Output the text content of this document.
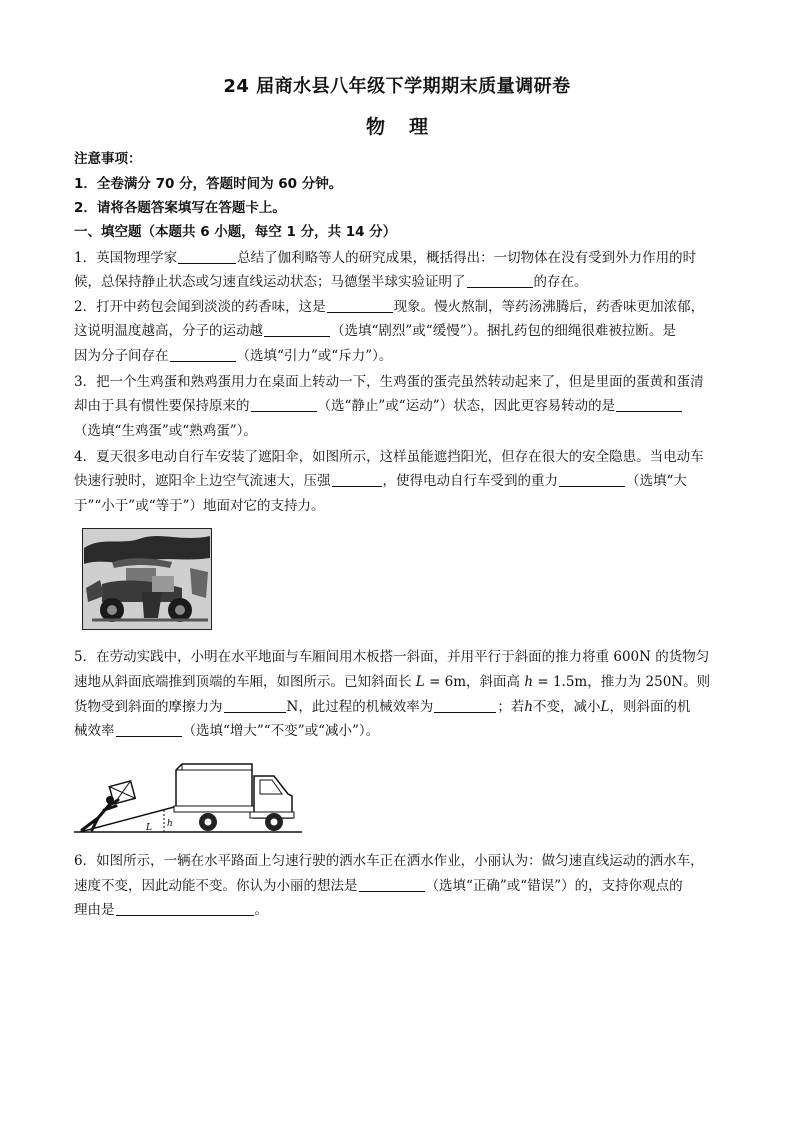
24 届商水县八年级下学期期末质量调研卷
物理
注意事项：
1．全卷满分 70 分，答题时间为 60 分钟。
2．请将各题答案填写在答题卡上。
一、填空题（本题共 6 小题，每空 1 分，共 14 分）
1．英国物理学家	总结了伽利略等人的研究成果，概括得出：一切物体在没有受到外力作用的时
候，总保持静止状态或匀速直线运动状态；马德堡半球实验证明了	的存在。
2．打开中药包会闻到淡淡的药香味，这是	现象。慢火熬制，等药汤沸腾后，药香味更加浓郁，
这说明温度越高，分子的运动越	（选填“剧烈”或“缓慢”）。捆扎药包的细绳很难被拉断。是
因为分子间存在	（选填“引力”或“斥力”）。
3．把一个生鸡蛋和熟鸡蛋用力在桌面上转动一下，生鸡蛋的蛋壳虽然转动起来了，但是里面的蛋黄和蛋清
却由于具有惯性要保持原来的	（选“静止”或“运动”）状态，因此更容易转动的是
（选填“生鸡蛋”或“熟鸡蛋”）。
4．夏天很多电动自行车安装了遮阳伞，如图所示，这样虽能遮挡阳光，但存在很大的安全隐患。当电动车
快速行驶时，遮阳伞上边空气流速大，压强	，使得电动自行车受到的重力	（选填“大
于”“小于”或“等于”）地面对它的支持力。
5．在劳动实践中，小明在水平地面与车厢间用木板搭一斜面，并用平行于斜面的推力将重 600N 的货物匀
速地从斜面底端推到顶端的车厢，如图所示。已知斜面长 L = 6m，斜面高 h = 1.5m，推力为 250N。则
货物受到斜面的摩擦力为	N，此过程的机械效率为	；若h不变，减小L，则斜面的机
械效率	（选填“增大”“不变”或“减小”）。
L h
6．如图所示，一辆在水平路面上匀速行驶的洒水车正在洒水作业，小丽认为：做匀速直线运动的洒水车，
速度不变，因此动能不变。你认为小丽的想法是	（选填“正确”或“错误”）的，支持你观点的
理由是	。
